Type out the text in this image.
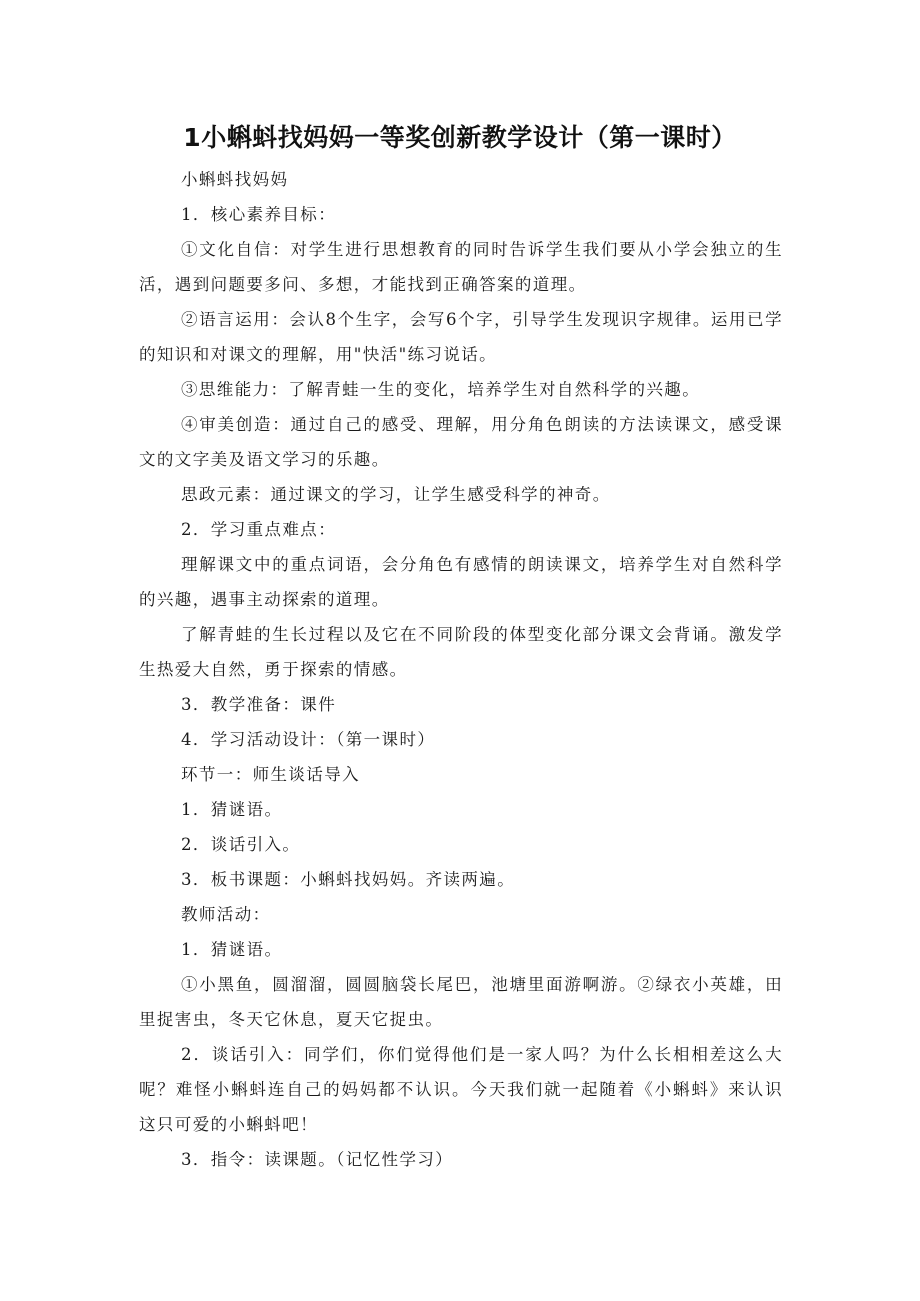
1小蝌蚪找妈妈一等奖创新教学设计（第一课时）

小蝌蚪找妈妈

1．核心素养目标：

①文化自信：对学生进行思想教育的同时告诉学生我们要从小学会独立的生活，遇到问题要多问、多想，才能找到正确答案的道理。

②语言运用：会认8个生字，会写6个字，引导学生发现识字规律。运用已学的知识和对课文的理解，用"快活"练习说话。

③思维能力：了解青蛙一生的变化，培养学生对自然科学的兴趣。

④审美创造：通过自己的感受、理解，用分角色朗读的方法读课文，感受课文的文字美及语文学习的乐趣。

思政元素：通过课文的学习，让学生感受科学的神奇。

2．学习重点难点：

理解课文中的重点词语，会分角色有感情的朗读课文，培养学生对自然科学的兴趣，遇事主动探索的道理。

了解青蛙的生长过程以及它在不同阶段的体型变化部分课文会背诵。激发学生热爱大自然，勇于探索的情感。

3．教学准备：课件

4．学习活动设计：（第一课时）

环节一：师生谈话导入

1．猜谜语。

2．谈话引入。

3．板书课题：小蝌蚪找妈妈。齐读两遍。

教师活动：

1．猜谜语。

①小黑鱼，圆溜溜，圆圆脑袋长尾巴，池塘里面游啊游。②绿衣小英雄，田里捉害虫，冬天它休息，夏天它捉虫。

2．谈话引入：同学们，你们觉得他们是一家人吗？为什么长相相差这么大呢？难怪小蝌蚪连自己的妈妈都不认识。今天我们就一起随着《小蝌蚪》来认识这只可爱的小蝌蚪吧！

3．指令：读课题。（记忆性学习）
